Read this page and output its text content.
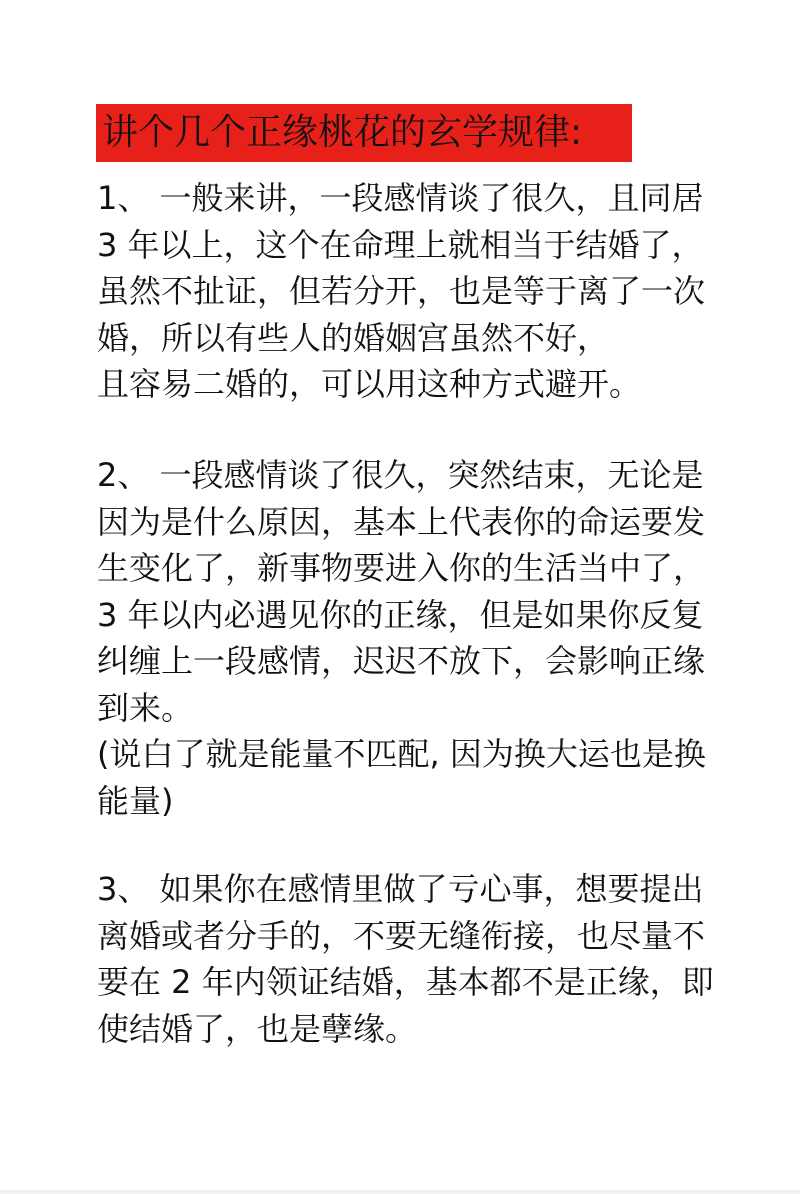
讲个几个正缘桃花的玄学规律:
1、 一般来讲，一段感情谈了很久，且同居
3 年以上，这个在命理上就相当于结婚了，
虽然不扯证，但若分开，也是等于离了一次
婚，所以有些人的婚姻宫虽然不好，
且容易二婚的，可以用这种方式避开。
2、 一段感情谈了很久，突然结束，无论是
因为是什么原因，基本上代表你的命运要发
生变化了，新事物要进入你的生活当中了，
3 年以内必遇见你的正缘，但是如果你反复
纠缠上一段感情，迟迟不放下，会影响正缘
到来。
(说白了就是能量不匹配, 因为换大运也是换
能量)
3、 如果你在感情里做了亏心事，想要提出
离婚或者分手的，不要无缝衔接，也尽量不
要在 2 年内领证结婚，基本都不是正缘，即
使结婚了，也是孽缘。
